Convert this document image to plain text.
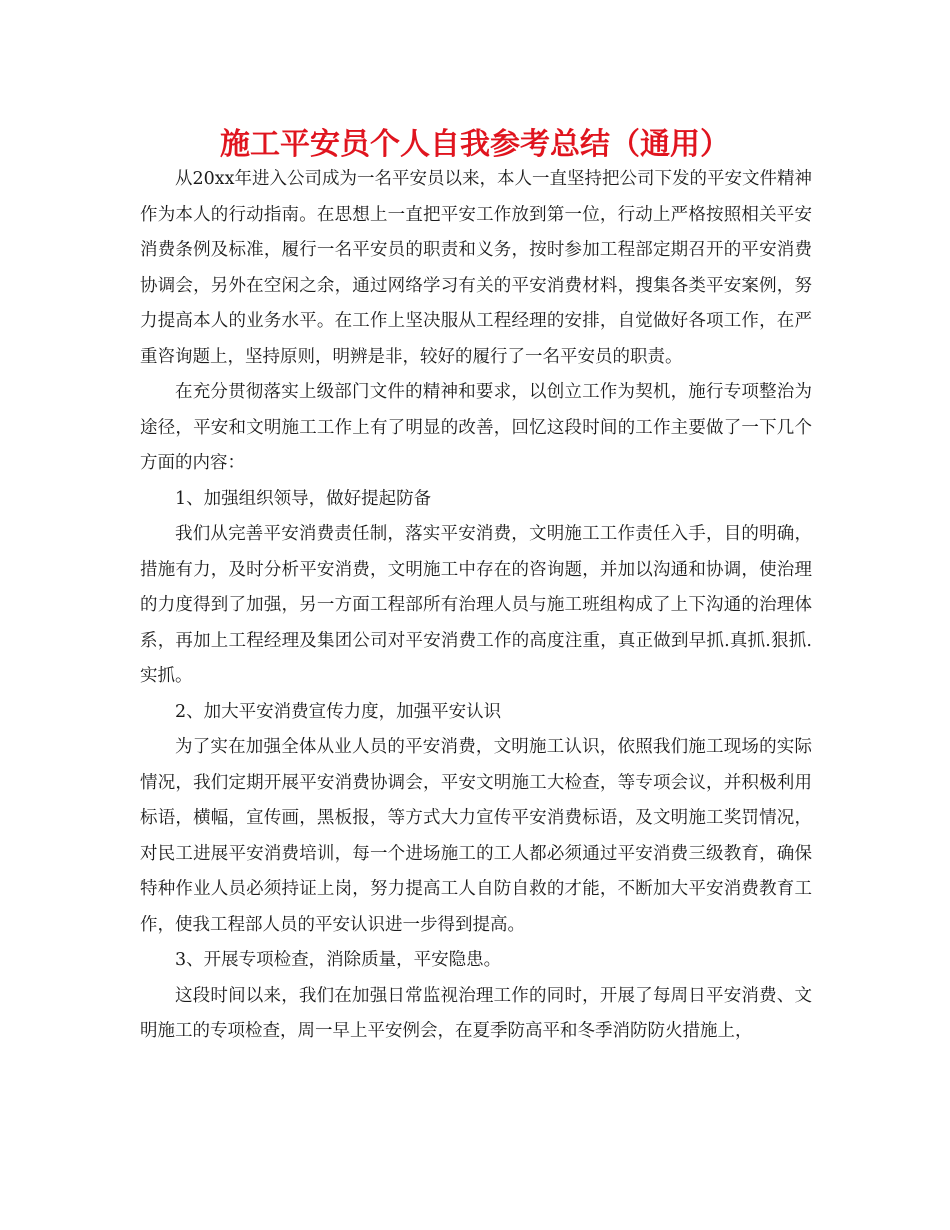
施工平安员个人自我参考总结（通用）

从20xx年进入公司成为一名平安员以来，本人一直坚持把公司下发的平安文件精神作为本人的行动指南。在思想上一直把平安工作放到第一位，行动上严格按照相关平安消费条例及标准，履行一名平安员的职责和义务，按时参加工程部定期召开的平安消费协调会，另外在空闲之余，通过网络学习有关的平安消费材料，搜集各类平安案例，努力提高本人的业务水平。在工作上坚决服从工程经理的安排，自觉做好各项工作，在严重咨询题上，坚持原则，明辨是非，较好的履行了一名平安员的职责。

在充分贯彻落实上级部门文件的精神和要求，以创立工作为契机，施行专项整治为途径，平安和文明施工工作上有了明显的改善，回忆这段时间的工作主要做了一下几个方面的内容：

1、加强组织领导，做好提起防备

我们从完善平安消费责任制，落实平安消费，文明施工工作责任入手，目的明确，措施有力，及时分析平安消费，文明施工中存在的咨询题，并加以沟通和协调，使治理的力度得到了加强，另一方面工程部所有治理人员与施工班组构成了上下沟通的治理体系，再加上工程经理及集团公司对平安消费工作的高度注重，真正做到早抓.真抓.狠抓.实抓。

2、加大平安消费宣传力度，加强平安认识

为了实在加强全体从业人员的平安消费，文明施工认识，依照我们施工现场的实际情况，我们定期开展平安消费协调会，平安文明施工大检查，等专项会议，并积极利用标语，横幅，宣传画，黑板报，等方式大力宣传平安消费标语，及文明施工奖罚情况，对民工进展平安消费培训，每一个进场施工的工人都必须通过平安消费三级教育，确保特种作业人员必须持证上岗，努力提高工人自防自救的才能，不断加大平安消费教育工作，使我工程部人员的平安认识进一步得到提高。

3、开展专项检查，消除质量，平安隐患。

这段时间以来，我们在加强日常监视治理工作的同时，开展了每周日平安消费、文明施工的专项检查，周一早上平安例会，在夏季防高平和冬季消防防火措施上，
